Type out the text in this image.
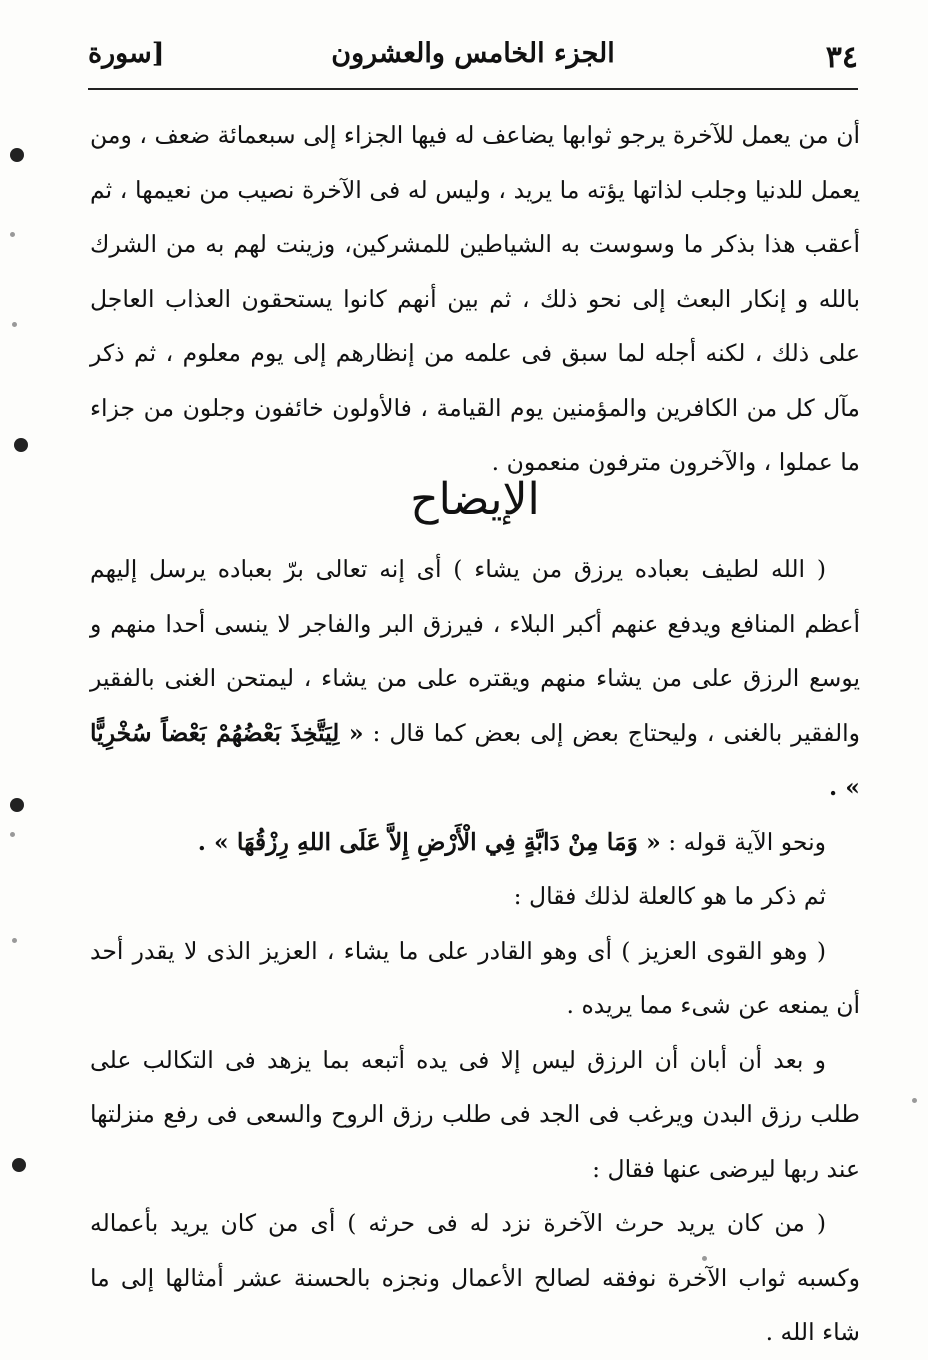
٣٤
الجزء الخامس والعشرون
[سورة

أن من يعمل للآخرة يرجو ثوابها يضاعف له فيها الجزاء إلى سبعمائة ضعف ، ومن يعمل للدنيا وجلب لذاتها يؤته ما يريد ، وليس له فى الآخرة نصيب من نعيمها ، ثم أعقب هذا بذكر ما وسوست به الشياطين للمشركين، وزينت لهم به من الشرك بالله و إنكار البعث إلى نحو ذلك ، ثم بين أنهم كانوا يستحقون العذاب العاجل على ذلك ، لكنه أجله لما سبق فى علمه من إنظارهم إلى يوم معلوم ، ثم ذكر مآل كل من الكافرين والمؤمنين يوم القيامة ، فالأولون خائفون وجلون من جزاء ما عملوا ، والآخرون مترفون منعمون .

الإيضاح

( الله لطيف بعباده يرزق من يشاء ) أى إنه تعالى برّ بعباده يرسل إليهم أعظم المنافع ويدفع عنهم أكبر البلاء ، فيرزق البر والفاجر لا ينسى أحدا منهم و يوسع الرزق على من يشاء منهم ويقتره على من يشاء ، ليمتحن الغنى بالفقير والفقير بالغنى ، وليحتاج بعض إلى بعض كما قال : « لِيَتَّخِذَ بَعْضُهُمْ بَعْضاً سُخْرِيًّا » .

ونحو الآية قوله : « وَمَا مِنْ دَابَّةٍ فِي الْأَرْضِ إِلاَّ عَلَى اللهِ رِزْقُهَا » .

ثم ذكر ما هو كالعلة لذلك فقال :

( وهو القوى العزيز ) أى وهو القادر على ما يشاء ، العزيز الذى لا يقدر أحد أن يمنعه عن شىء مما يريده .

و بعد أن أبان أن الرزق ليس إلا فى يده أتبعه بما يزهد فى التكالب على طلب رزق البدن ويرغب فى الجد فى طلب رزق الروح والسعى فى رفع منزلتها عند ربها ليرضى عنها فقال :

( من كان يريد حرث الآخرة نزد له فى حرثه ) أى من كان يريد بأعماله وكسبه ثواب الآخرة نوفقه لصالح الأعمال ونجزه بالحسنة عشر أمثالها إلى ما شاء الله .
